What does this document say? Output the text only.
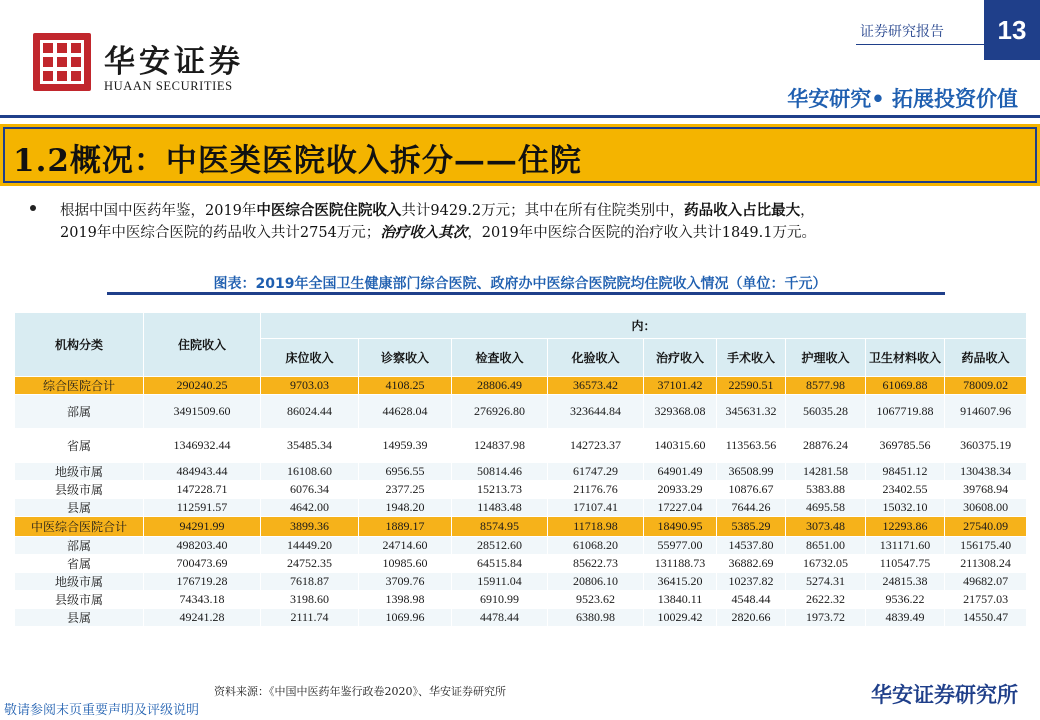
华安证券
HUAAN SECURITIES
证券研究报告	13
华安研究• 拓展投资价值
1.2概况：中医类医院收入拆分——住院
根据中国中医药年鉴，2019年中医综合医院住院收入共计9429.2万元；其中在所有住院类别中，药品收入占比最大，
2019年中医综合医院的药品收入共计2754万元；治疗收入其次，2019年中医综合医院的治疗收入共计1849.1万元。
图表：2019年全国卫生健康部门综合医院、政府办中医综合医院院均住院收入情况（单位：千元）
机构分类	住院收入	内：								
		床位收入	诊察收入	检查收入	化验收入	治疗收入	手术收入	护理收入	卫生材料收入	药品收入
综合医院合计	290240.25	9703.03	4108.25	28806.49	36573.42	37101.42	22590.51	8577.98	61069.88	78009.02
部属	3491509.60	86024.44	44628.04	276926.80	323644.84	329368.08	345631.32	56035.28	1067719.88	914607.96
省属	1346932.44	35485.34	14959.39	124837.98	142723.37	140315.60	113563.56	28876.24	369785.56	360375.19
地级市属	484943.44	16108.60	6956.55	50814.46	61747.29	64901.49	36508.99	14281.58	98451.12	130438.34
县级市属	147228.71	6076.34	2377.25	15213.73	21176.76	20933.29	10876.67	5383.88	23402.55	39768.94
县属	112591.57	4642.00	1948.20	11483.48	17107.41	17227.04	7644.26	4695.58	15032.10	30608.00
中医综合医院合计	94291.99	3899.36	1889.17	8574.95	11718.98	18490.95	5385.29	3073.48	12293.86	27540.09
部属	498203.40	14449.20	24714.60	28512.60	61068.20	55977.00	14537.80	8651.00	131171.60	156175.40
省属	700473.69	24752.35	10985.60	64515.84	85622.73	131188.73	36882.69	16732.05	110547.75	211308.24
地级市属	176719.28	7618.87	3709.76	15911.04	20806.10	36415.20	10237.82	5274.31	24815.38	49682.07
县级市属	74343.18	3198.60	1398.98	6910.99	9523.62	13840.11	4548.44	2622.32	9536.22	21757.03
县属	49241.28	2111.74	1069.96	4478.44	6380.98	10029.42	2820.66	1973.72	4839.49	14550.47
资料来源：《中国中医药年鉴行政卷2020》、华安证券研究所
敬请参阅末页重要声明及评级说明
华安证券研究所
